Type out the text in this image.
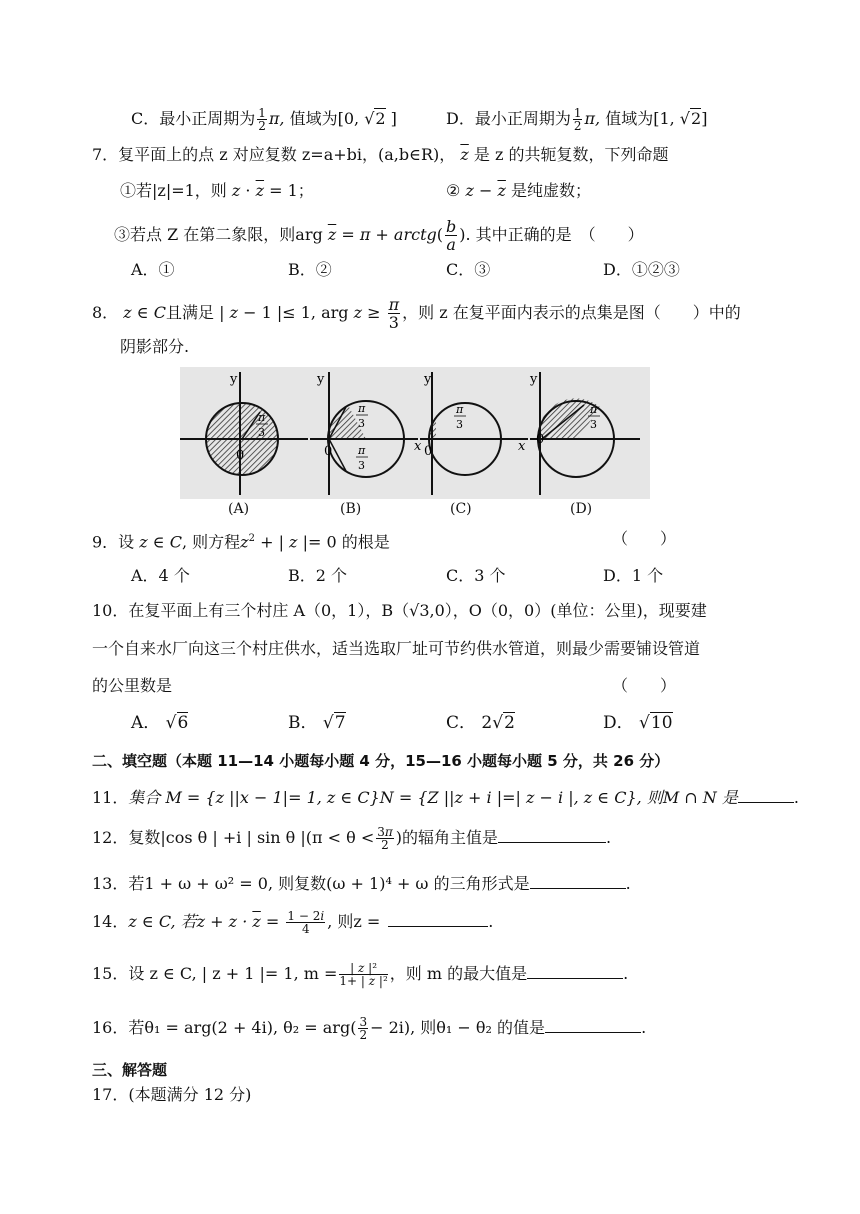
C．最小正周期为 $\frac{1}{2} \pi$, 值域为[0, √2 ]	D．最小正周期为 $\frac{1}{2} \pi$, 值域为[1, √2]
7．复平面上的点 z 对应复数 z=a+bi，(a,b∈R)， $\overline{z}$ 是 z 的共轭复数，下列命题
①若|z|=1，则 $z \cdot \overline{z} = 1$；	② $z - \overline{z}$ 是纯虚数；
③若点 Z 在第二象限，则arg $\overline{z} = \pi$ + arctg( $\frac{b}{a}$ ). 其中正确的是　（　　）
A．①	B．②	C．③	D．①②③
8． z ∈ C且满足 | z − 1 |≤ 1, arg $z \ge \frac{\pi}{3}$ ，则 z 在复平面内表示的点集是图（　　）中的
阴影部分.
y
0
π
3
y
0	x
π
3
π
3
y
0	x
π
3
y
0
π
3
(A)	(B)	(C)	(D)
9．设 z ∈ C, 则方程$z^2$ + | z |= 0 的根是	（　　）
A．4 个	B．2 个	C．3 个	D．1 个
10．在复平面上有三个村庄 A（0，1），B（√3,0），O（0，0）(单位：公里)，现要建
一个自来水厂向这三个村庄供水，适当选取厂址可节约供水管道，则最少需要铺设管道
的公里数是	（　　）
A． √6	B． √7	C． 2√2	D． √10
二、填空题（本题 11—14 小题每小题 4 分，15—16 小题每小题 5 分，共 26 分）
11．集合 M = {z ||x − 1|= 1, z ∈ C}N = {Z ||z + i |=| z − i |, z ∈ C}, 则M ∩ N 是	.
12．复数|cos θ | +i | sin θ $|(\pi < \theta < \frac{3\pi}{2}$ )的辐角主值是	.
13．若1 + ω + ω² = 0, 则复数(ω + 1)⁴ + ω 的三角形式是	.
14．z ∈ C, 若$z + z \cdot \overline{z} = \frac{1 - 2i}{4}$ , 则z =	.
15．设 z ∈ C, | z + 1 |= 1, $m = \frac{\text{| z |²}}{\text{1+ | z |²}}$ ，则 m 的最大值是	.
16．若θ₁ = arg(2 + 4i), $\theta_2 = arg( \frac{3}{2} - 2i)$, 则θ₁ − θ₂ 的值是	.
三、解答题
17．(本题满分 12 分)
